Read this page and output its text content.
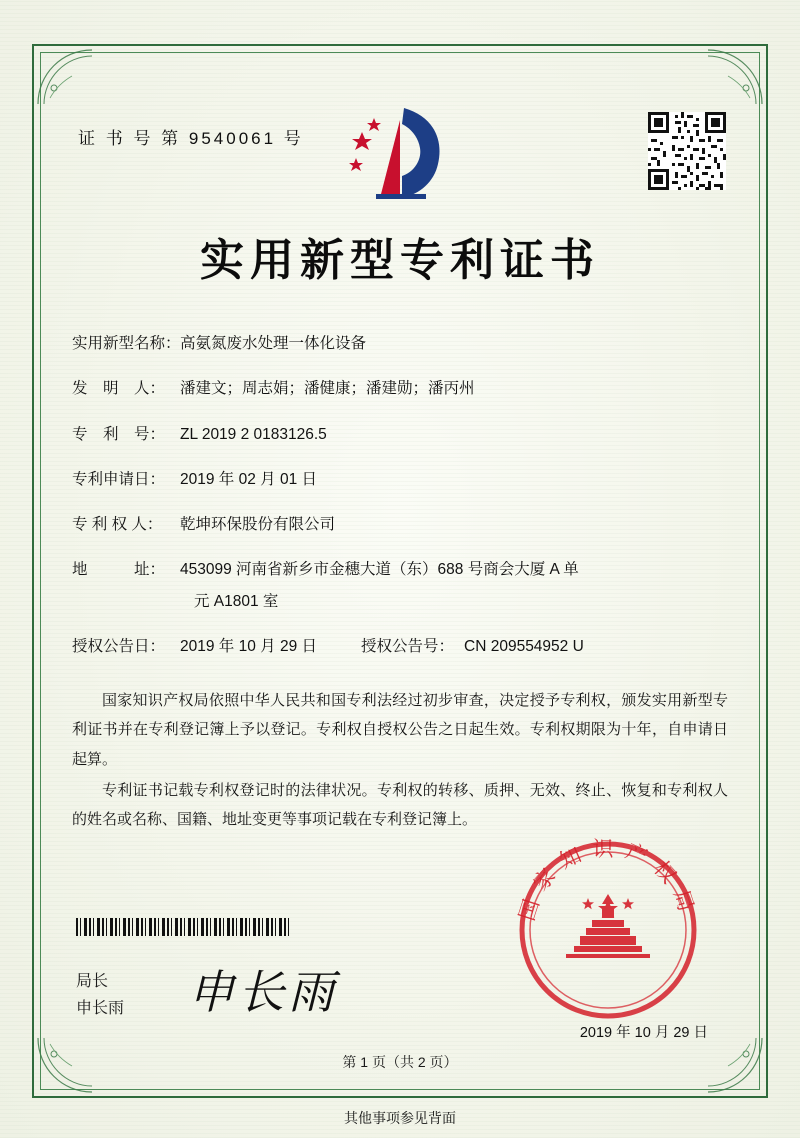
证 书 号 第 9540061 号
实用新型专利证书
实用新型名称： 高氨氮废水处理一体化设备
发　明　人： 潘建文；周志娟；潘健康；潘建勋；潘丙州
专　利　号： ZL 2019 2 0183126.5
专利申请日： 2019 年 02 月 01 日
专 利 权 人：	乾坤环保股份有限公司
地　　　址： 453099 河南省新乡市金穗大道（东）688 号商会大厦 A 单
元 A1801 室
授权公告日： 2019 年 10 月 29 日	授权公告号： CN 209554952 U

国家知识产权局依照中华人民共和国专利法经过初步审查，决定授予专利权，颁发实用新型专利证书并在专利登记簿上予以登记。专利权自授权公告之日起生效。专利权期限为十年，自申请日起算。

专利证书记载专利权登记时的法律状况。专利权的转移、质押、无效、终止、恢复和专利权人的姓名或名称、国籍、地址变更等事项记载在专利登记簿上。

局长
申长雨 申长雨
国家知识产权局
2019 年 10 月 29 日
第 1 页（共 2 页）
其他事项参见背面
